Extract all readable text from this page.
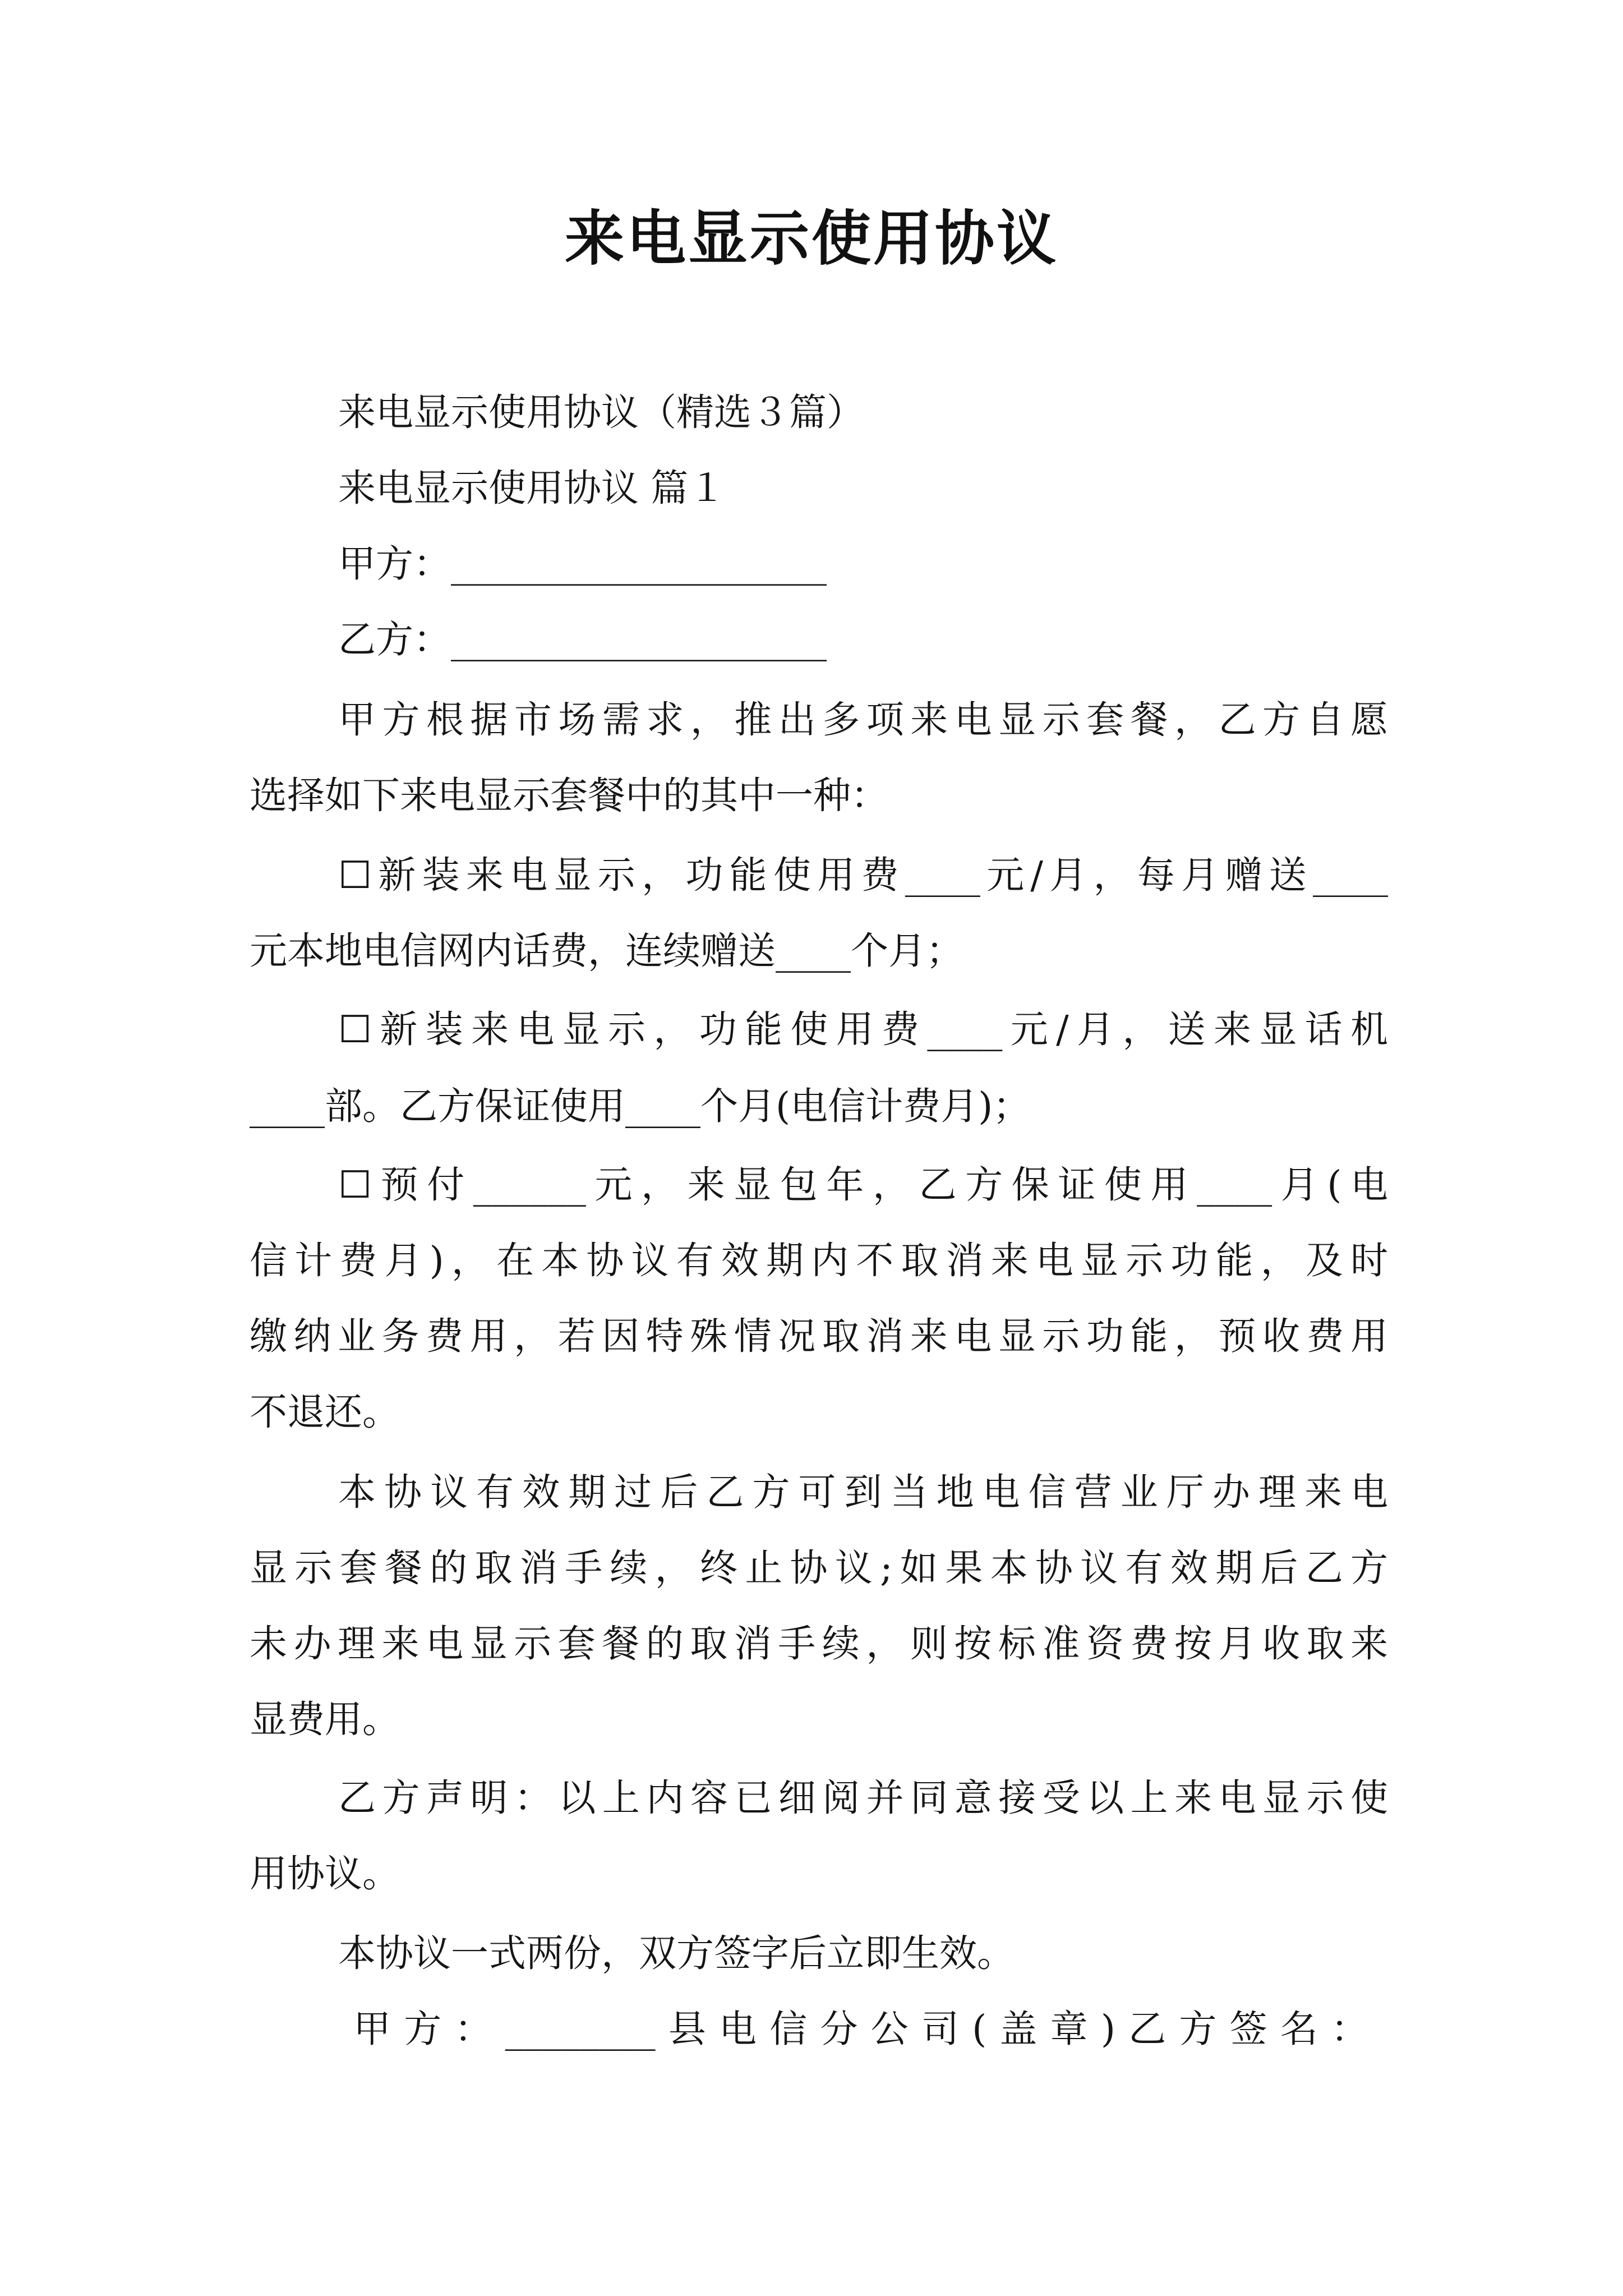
来电显示使用协议
来电显示使用协议（精选３篇）
来电显示使用协议 篇１
甲方：____________________
乙方：____________________
甲方根据市场需求，推出多项来电显示套餐，乙方自愿
选择如下来电显示套餐中的其中一种：
☐新装来电显示，功能使用费____元/月，每月赠送____
元本地电信网内话费，连续赠送____个月；
☐新装来电显示，功能使用费____元/月，送来显话机
____部。乙方保证使用____个月(电信计费月)；
☐预付______元，来显包年，乙方保证使用____月(电
信计费月)，在本协议有效期内不取消来电显示功能，及时
缴纳业务费用，若因特殊情况取消来电显示功能，预收费用
不退还。
本协议有效期过后乙方可到当地电信营业厅办理来电
显示套餐的取消手续，终止协议;如果本协议有效期后乙方
未办理来电显示套餐的取消手续，则按标准资费按月收取来
显费用。
乙方声明：以上内容已细阅并同意接受以上来电显示使
用协议。
本协议一式两份，双方签字后立即生效。
甲方：________县电信分公司(盖章)乙方签名：
